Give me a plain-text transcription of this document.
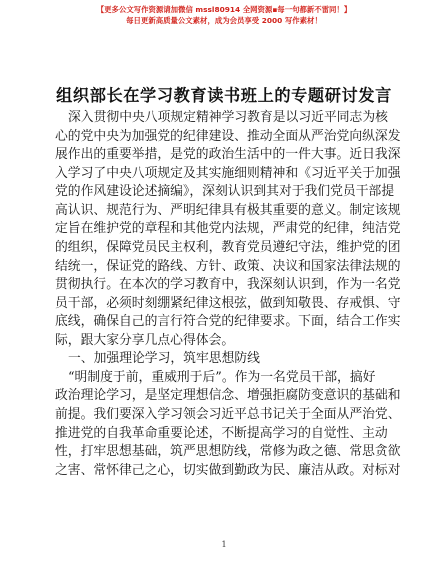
【更多公文写作资源请加微信 mssl80914 全网资源▪每一句都新不雷同！】
每日更新高质量公文素材，成为会员享受 2000 写作素材！
组织部长在学习教育读书班上的专题研讨发言
深入贯彻中央八项规定精神学习教育是以习近平同志为核
心的党中央为加强党的纪律建设、推动全面从严治党向纵深发
展作出的重要举措，是党的政治生活中的一件大事。近日我深
入学习了中央八项规定及其实施细则精神和《习近平关于加强
党的作风建设论述摘编》，深刻认识到其对于我们党员干部提
高认识、规范行为、严明纪律具有极其重要的意义。制定该规
定旨在维护党的章程和其他党内法规，严肃党的纪律，纯洁党
的组织，保障党员民主权利，教育党员遵纪守法，维护党的团
结统一，保证党的路线、方针、政策、决议和国家法律法规的
贯彻执行。在本次的学习教育中，我深刻认识到，作为一名党
员干部，必须时刻绷紧纪律这根弦，做到知敬畏、存戒惧、守
底线，确保自己的言行符合党的纪律要求。下面，结合工作实
际，跟大家分享几点心得体会。
一、加强理论学习，筑牢思想防线
“明制度于前，重威刑于后”。作为一名党员干部，搞好
政治理论学习，是坚定理想信念、增强拒腐防变意识的基础和
前提。我们要深入学习领会习近平总书记关于全面从严治党、
推进党的自我革命重要论述，不断提高学习的自觉性、主动
性，打牢思想基础，筑严思想防线，常修为政之德、常思贪欲
之害、常怀律己之心，切实做到勤政为民、廉洁从政。对标对
1
